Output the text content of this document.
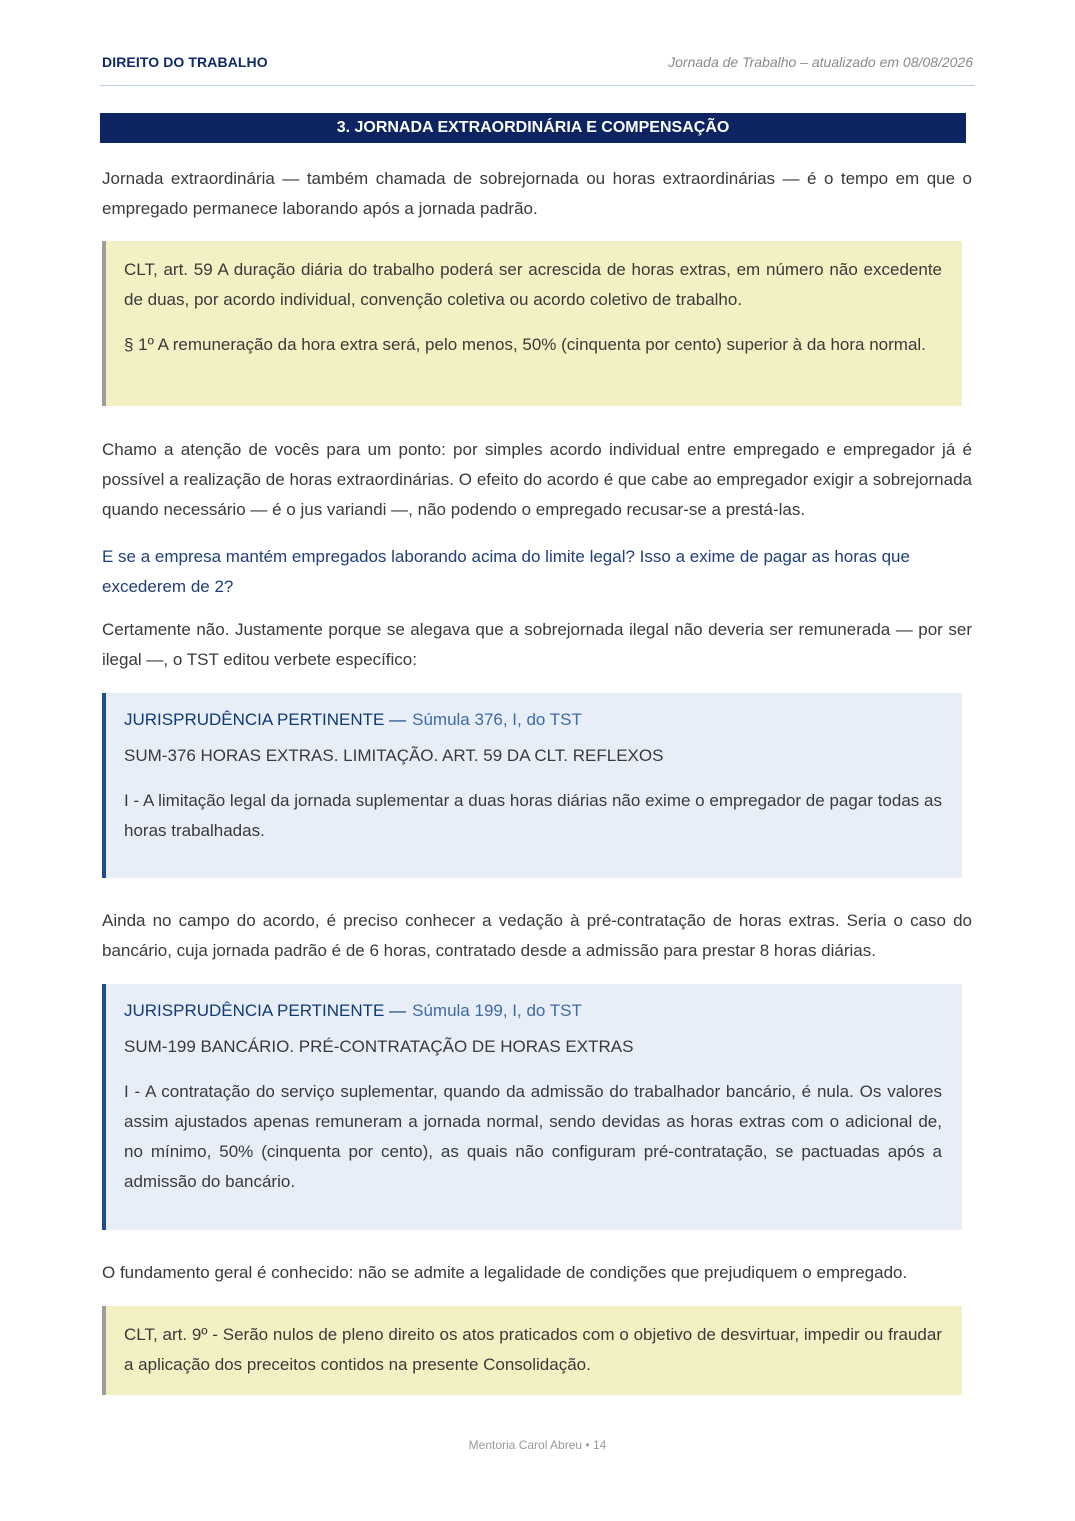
DIREITO DO TRABALHO	Jornada de Trabalho – atualizado em 08/08/2026
3. JORNADA EXTRAORDINÁRIA E COMPENSAÇÃO

Jornada extraordinária — também chamada de sobrejornada ou horas extraordinárias — é o tempo em que o empregado permanece laborando após a jornada padrão.

CLT, art. 59 A duração diária do trabalho poderá ser acrescida de horas extras, em número não excedente de duas, por acordo individual, convenção coletiva ou acordo coletivo de trabalho.

§ 1º A remuneração da hora extra será, pelo menos, 50% (cinquenta por cento) superior à da hora normal.

Chamo a atenção de vocês para um ponto: por simples acordo individual entre empregado e empregador já é possível a realização de horas extraordinárias. O efeito do acordo é que cabe ao empregador exigir a sobrejornada quando necessário — é o jus variandi —, não podendo o empregado recusar-se a prestá-las.

E se a empresa mantém empregados laborando acima do limite legal? Isso a exime de pagar as horas que excederem de 2?

Certamente não. Justamente porque se alegava que a sobrejornada ilegal não deveria ser remunerada — por ser ilegal —, o TST editou verbete específico:

JURISPRUDÊNCIA PERTINENTE — Súmula 376, I, do TST

SUM-376 HORAS EXTRAS. LIMITAÇÃO. ART. 59 DA CLT. REFLEXOS

I - A limitação legal da jornada suplementar a duas horas diárias não exime o empregador de pagar todas as horas trabalhadas.

Ainda no campo do acordo, é preciso conhecer a vedação à pré-contratação de horas extras. Seria o caso do bancário, cuja jornada padrão é de 6 horas, contratado desde a admissão para prestar 8 horas diárias.

JURISPRUDÊNCIA PERTINENTE — Súmula 199, I, do TST

SUM-199 BANCÁRIO. PRÉ-CONTRATAÇÃO DE HORAS EXTRAS

I - A contratação do serviço suplementar, quando da admissão do trabalhador bancário, é nula. Os valores assim ajustados apenas remuneram a jornada normal, sendo devidas as horas extras com o adicional de, no mínimo, 50% (cinquenta por cento), as quais não configuram pré-contratação, se pactuadas após a admissão do bancário.

O fundamento geral é conhecido: não se admite a legalidade de condições que prejudiquem o empregado.

CLT, art. 9º - Serão nulos de pleno direito os atos praticados com o objetivo de desvirtuar, impedir ou fraudar a aplicação dos preceitos contidos na presente Consolidação.

Mentoria Carol Abreu • 14
